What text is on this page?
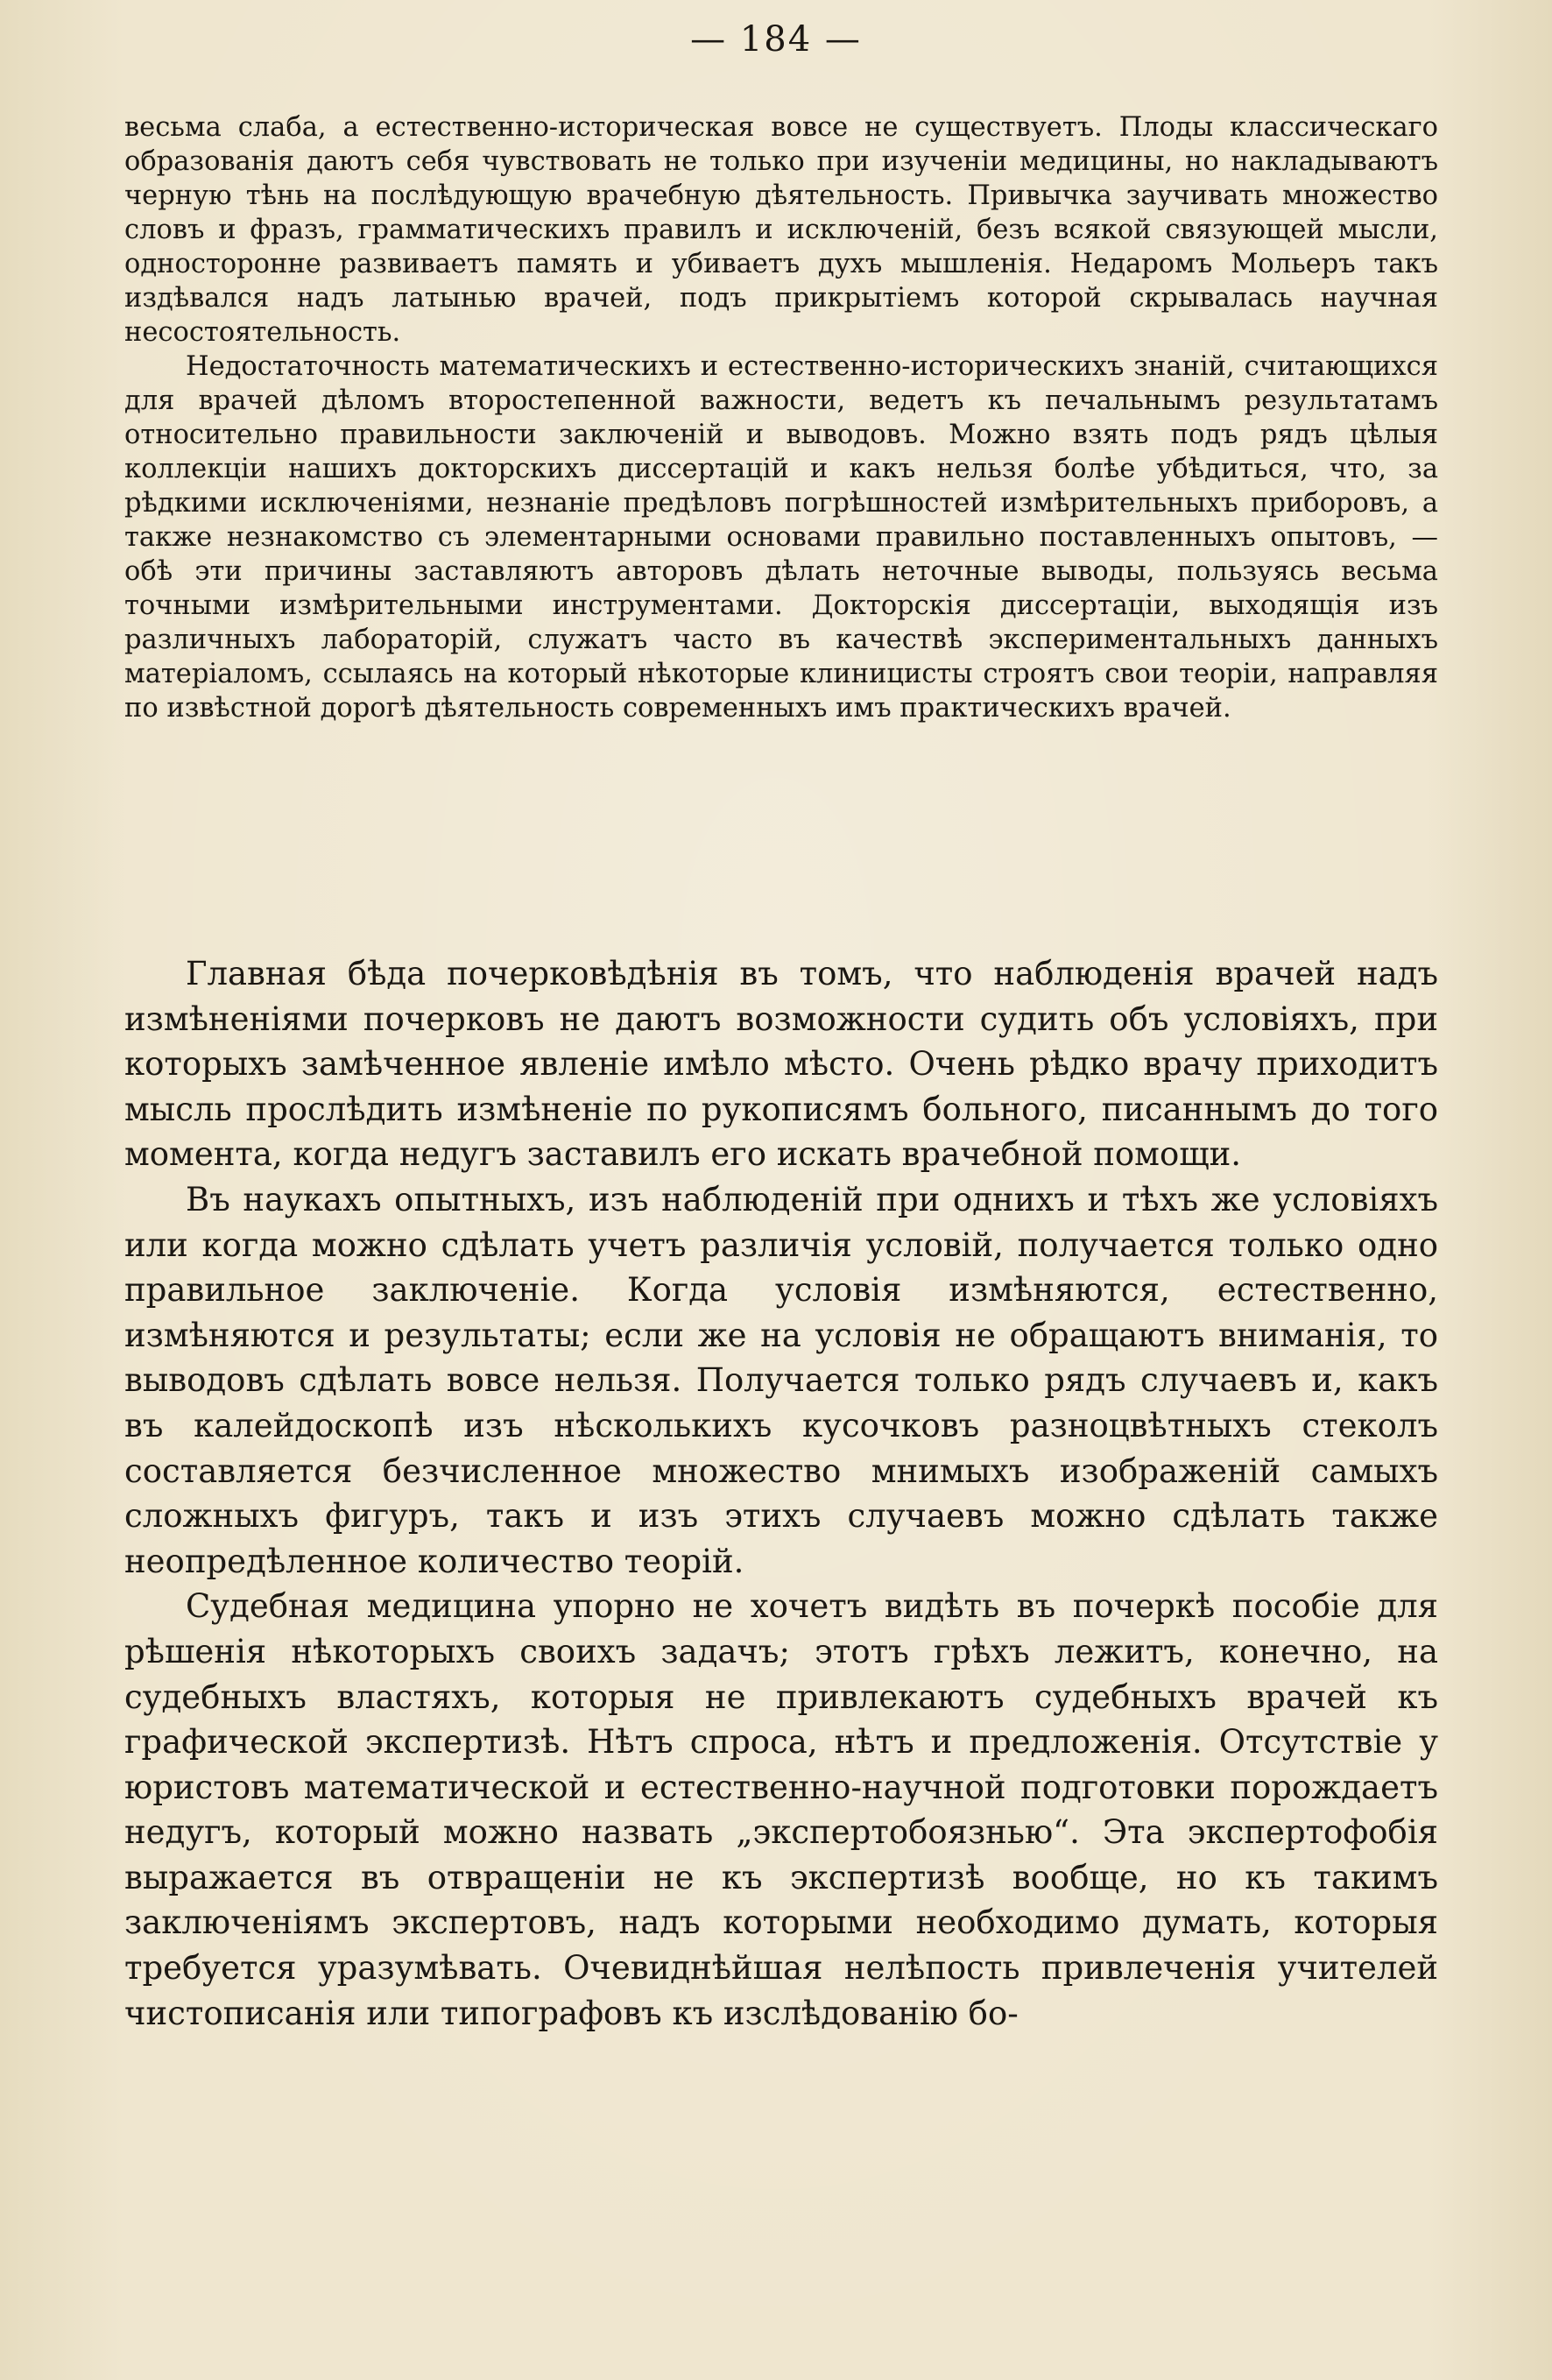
— 184 —

весьма слаба, а естественно-историческая вовсе не существуетъ. Плоды классическаго образованія даютъ себя чувствовать не только при изученіи медицины, но накладываютъ черную тѣнь на послѣдующую врачебную дѣятельность. Привычка заучивать множество словъ и фразъ, грамматическихъ правилъ и исключеній, безъ всякой связующей мысли, односторонне развиваетъ память и убиваетъ духъ мышленія. Недаромъ Мольеръ такъ издѣвался надъ латынью врачей, подъ прикрытіемъ которой скрывалась научная несостоятельность.

Недостаточность математическихъ и естественно-историческихъ знаній, считающихся для врачей дѣломъ второстепенной важности, ведетъ къ печальнымъ результатамъ относительно правильности заключеній и выводовъ. Можно взять подъ рядъ цѣлыя коллекціи нашихъ докторскихъ диссертацій и какъ нельзя болѣе убѣдиться, что, за рѣдкими исключеніями, незнаніе предѣловъ погрѣшностей измѣрительныхъ приборовъ, а также незнакомство съ элементарными основами правильно поставленныхъ опытовъ, — обѣ эти причины заставляютъ авторовъ дѣлать неточные выводы, пользуясь весьма точными измѣрительными инструментами. Докторскія диссертаціи, выходящія изъ различныхъ лабораторій, служатъ часто въ качествѣ экспериментальныхъ данныхъ матеріаломъ, ссылаясь на который нѣкоторые клиницисты строятъ свои теоріи, направляя по извѣстной дорогѣ дѣятельность современныхъ имъ практическихъ врачей.

Главная бѣда почерковѣдѣнія въ томъ, что наблюденія врачей надъ измѣненіями почерковъ не даютъ возможности судить объ условіяхъ, при которыхъ замѣченное явленіе имѣло мѣсто. Очень рѣдко врачу приходитъ мысль прослѣдить измѣненіе по рукописямъ больного, писаннымъ до того момента, когда недугъ заставилъ его искать врачебной помощи.

Въ наукахъ опытныхъ, изъ наблюденій при однихъ и тѣхъ же условіяхъ или когда можно сдѣлать учетъ различія условій, получается только одно правильное заключеніе. Когда условія измѣняются, естественно, измѣняются и результаты; если же на условія не обращаютъ вниманія, то выводовъ сдѣлать вовсе нельзя. Получается только рядъ случаевъ и, какъ въ калейдоскопѣ изъ нѣсколькихъ кусочковъ разноцвѣтныхъ стеколъ составляется безчисленное множество мнимыхъ изображеній самыхъ сложныхъ фигуръ, такъ и изъ этихъ случаевъ можно сдѣлать также неопредѣленное количество теорій.

Судебная медицина упорно не хочетъ видѣть въ почеркѣ пособіе для рѣшенія нѣкоторыхъ своихъ задачъ; этотъ грѣхъ лежитъ, конечно, на судебныхъ властяхъ, которыя не привлекаютъ судебныхъ врачей къ графической экспертизѣ. Нѣтъ спроса, нѣтъ и предложенія. Отсутствіе у юристовъ математической и естественно-научной подготовки порождаетъ недугъ, который можно назвать „экспертобоязнью“. Эта экспертофобія выражается въ отвращеніи не къ экспертизѣ вообще, но къ такимъ заключеніямъ экспертовъ, надъ которыми необходимо думать, которыя требуется уразумѣвать. Очевиднѣйшая нелѣпость привлеченія учителей чистописанія или типографовъ къ изслѣдованію бо-
